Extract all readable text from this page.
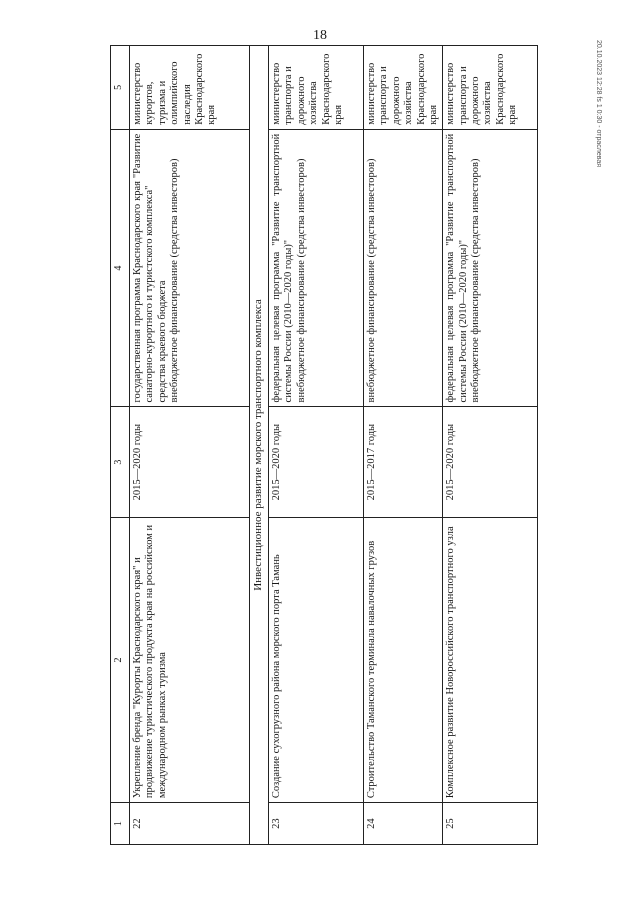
18
20.10.2023 12:28 fs 1 0:30 - отраслевая
1	2	3	4	5
22	Укрепление бренда "Курорты Краснодарского края" и продвижение туристического продукта края на российском и международном рынках туризма	2015—2020 годы	государственная программа Краснодарского края "Развитие санаторно-курортного и туристского комплекса" средства краевого бюджета внебюджетное финансирование (средства инвесторов)	министерство курортов, туризма и олимпийского наследия Краснодарского края
Инвестиционное развитие морского транспортного комплекса				
23	Создание сухогрузного района морского порта Тамань	2015—2020 годы	федеральная целевая программа "Развитие транспортной системы России (2010—2020 годы)" внебюджетное финансирование (средства инвесторов)	министерство транспорта и дорожного хозяйства Краснодарского края
24	Строительство Таманского терминала навалочных грузов	2015—2017 годы	внебюджетное финансирование (средства инвесторов)	министерство транспорта и дорожного хозяйства Краснодарского края
25	Комплексное развитие Новороссийского транспортного узла	2015—2020 годы	федеральная целевая программа "Развитие транспортной системы России (2010—2020 годы)" внебюджетное финансирование (средства инвесторов)	министерство транспорта и дорожного хозяйства Краснодарского края
